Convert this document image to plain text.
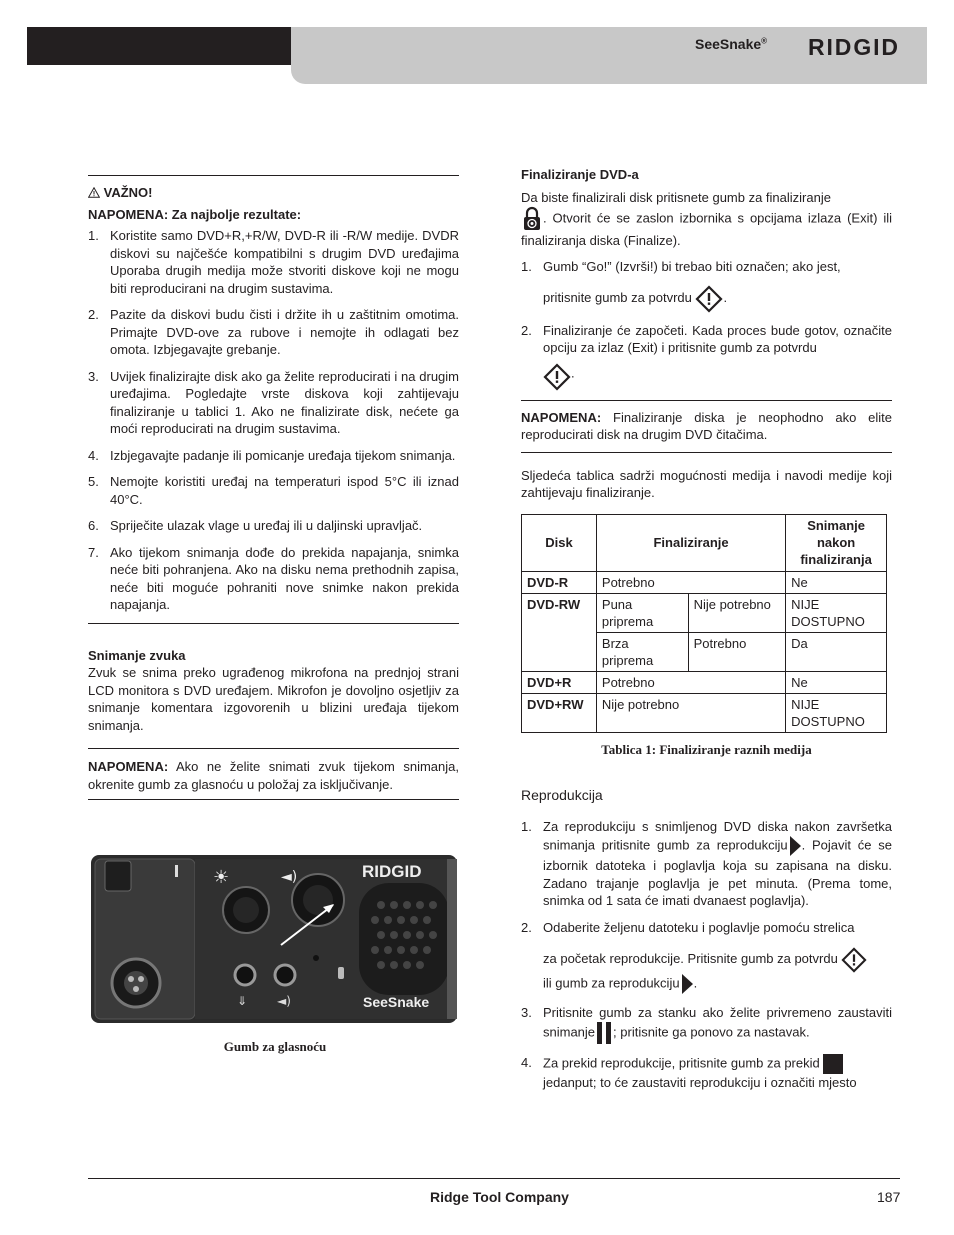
SeeSnake® RIDGID
VAŽNO!
NAPOMENA: Za najbolje rezultate:
1. Koristite samo DVD+R,+R/W, DVD-R ili -R/W medije. DVDR diskovi su najčešće kompatibilni s drugim DVD uređajima Uporaba drugih medija može stvoriti diskove koji ne mogu biti reproducirani na drugim sustavima.
2. Pazite da diskovi budu čisti i držite ih u zaštitnim omotima. Primajte DVD-ove za rubove i nemojte ih odlagati bez omota. Izbjegavajte grebanje.
3. Uvijek finalizirajte disk ako ga želite reproducirati i na drugim uređajima. Pogledajte vrste diskova koji zahtijevaju finaliziranje u tablici 1. Ako ne finalizirate disk, nećete ga moći reproducirati na drugim sustavima.
4. Izbjegavajte padanje ili pomicanje uređaja tijekom snimanja.
5. Nemojte koristiti uređaj na temperaturi ispod 5°C ili iznad 40°C.
6. Spriječite ulazak vlage u uređaj ili u daljinski upravljač.
7. Ako tijekom snimanja dođe do prekida napajanja, snimka neće biti pohranjena. Ako na disku nema prethodnih zapisa, neće biti moguće pohraniti nove snimke nakon prekida napajanja.
Snimanje zvuka
Zvuk se snima preko ugrađenog mikrofona na prednjoj strani LCD monitora s DVD uređajem. Mikrofon je dovoljno osjetljiv za snimanje komentara izgovorenih u blizini uređaja tijekom snimanja.
NAPOMENA: Ako ne želite snimati zvuk tijekom snimanja, okrenite gumb za glasnoću u položaj za isključivanje.
☀	◄)	RIDGID
⇓ ◄)	SeeSnake
Gumb za glasnoću
Finaliziranje DVD-a
Da biste finalizirali disk pritisnete gumb za finaliziranje
. Otvorit će se zaslon izbornika s opcijama izlaza (Exit) ili finaliziranja diska (Finalize).
1. Gumb “Go!” (Izvrši!) bi trebao biti označen; ako jest,
pritisnite gumb za potvrdu .
2. Finaliziranje će započeti. Kada proces bude gotov, označite opciju za izlaz (Exit) i pritisnite gumb za potvrdu
.
NAPOMENA: Finaliziranje diska je neophodno ako elite reproducirati disk na drugim DVD čitačima.
Sljedeća tablica sadrži mogućnosti medija i navodi medije koji zahtijevaju finaliziranje.
Disk	Finaliziranje		Snimanje nakon finaliziranja
DVD-R	Potrebno		Ne
DVD-RW	Puna priprema	Nije potrebno	NIJE DOSTUPNO
	Brza priprema	Potrebno	Da
DVD+R	Potrebno		Ne
DVD+RW	Nije potrebno		NIJE DOSTUPNO
Tablica 1: Finaliziranje raznih medija
Reprodukcija
1. Za reprodukciju s snimljenog DVD diska nakon završetka snimanja pritisnite gumb za reprodukciju . Pojavit će se izbornik datoteka i poglavlja koja su zapisana na disku. Zadano trajanje poglavlja je pet minuta. (Prema tome, snimka od 1 sata će imati dvanaest poglavlja).
2. Odaberite željenu datoteku i poglavlje pomoću strelica
za početak reprodukcije. Pritisnite gumb za potvrdu
ili gumb za reprodukciju .
3. Pritisnite gumb za stanku ako želite privremeno zaustaviti snimanje ; pritisnite ga ponovo za nastavak.
4. Za prekid reprodukcije, pritisnite gumb za prekid
jedanput; to će zaustaviti reprodukciju i označiti mjesto
Ridge Tool Company	187
